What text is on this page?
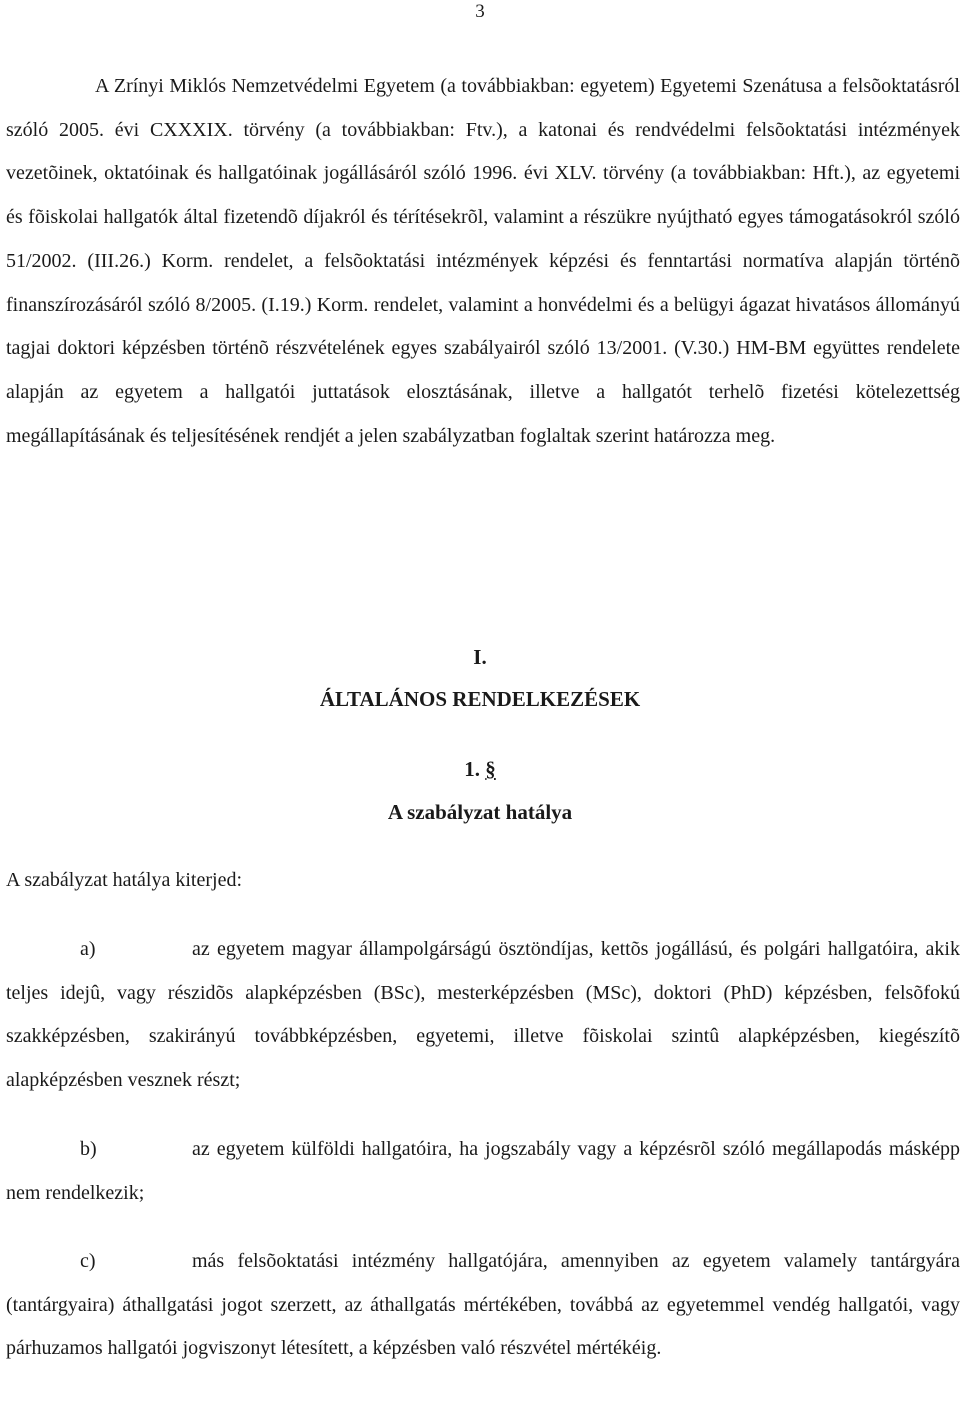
3

A Zrínyi Miklós Nemzetvédelmi Egyetem (a továbbiakban: egyetem) Egyetemi Szenátusa a felsõoktatásról szóló 2005. évi CXXXIX. törvény (a továbbiakban: Ftv.), a katonai és rendvédelmi felsõoktatási intézmények vezetõinek, oktatóinak és hallgatóinak jogállásáról szóló 1996. évi XLV. törvény (a továbbiakban: Hft.), az egyetemi és fõiskolai hallgatók által fizetendõ díjakról és térítésekrõl, valamint a részükre nyújtható egyes támogatásokról szóló 51/2002. (III.26.) Korm. rendelet, a felsõoktatási intézmények képzési és fenntartási normatíva alapján történõ finanszírozásáról szóló 8/2005. (I.19.) Korm. rendelet, valamint a honvédelmi és a belügyi ágazat hivatásos állományú tagjai doktori képzésben történõ részvételének egyes szabályairól szóló 13/2001. (V.30.) HM-BM együttes rendelete alapján az egyetem a hallgatói juttatások elosztásának, illetve a hallgatót terhelõ fizetési kötelezettség megállapításának és teljesítésének rendjét a jelen szabályzatban foglaltak szerint határozza meg.

I.

ÁLTALÁNOS RENDELKEZÉSEK

1. §

A szabályzat hatálya

A szabályzat hatálya kiterjed:

a)	az egyetem magyar állampolgárságú ösztöndíjas, kettõs jogállású, és polgári hallgatóira, akik teljes idejû, vagy részidõs alapképzésben (BSc), mesterképzésben (MSc), doktori (PhD) képzésben, felsõfokú szakképzésben, szakirányú továbbképzésben, egyetemi, illetve fõiskolai szintû alapképzésben, kiegészítõ alapképzésben vesznek részt;

b)	az egyetem külföldi hallgatóira, ha jogszabály vagy a képzésrõl szóló megállapodás másképp nem rendelkezik;

c)	más felsõoktatási intézmény hallgatójára, amennyiben az egyetem valamely tantárgyára (tantárgyaira) áthallgatási jogot szerzett, az áthallgatás mértékében, továbbá az egyetemmel vendég hallgatói, vagy párhuzamos hallgatói jogviszonyt létesített, a képzésben való részvétel mértékéig.
